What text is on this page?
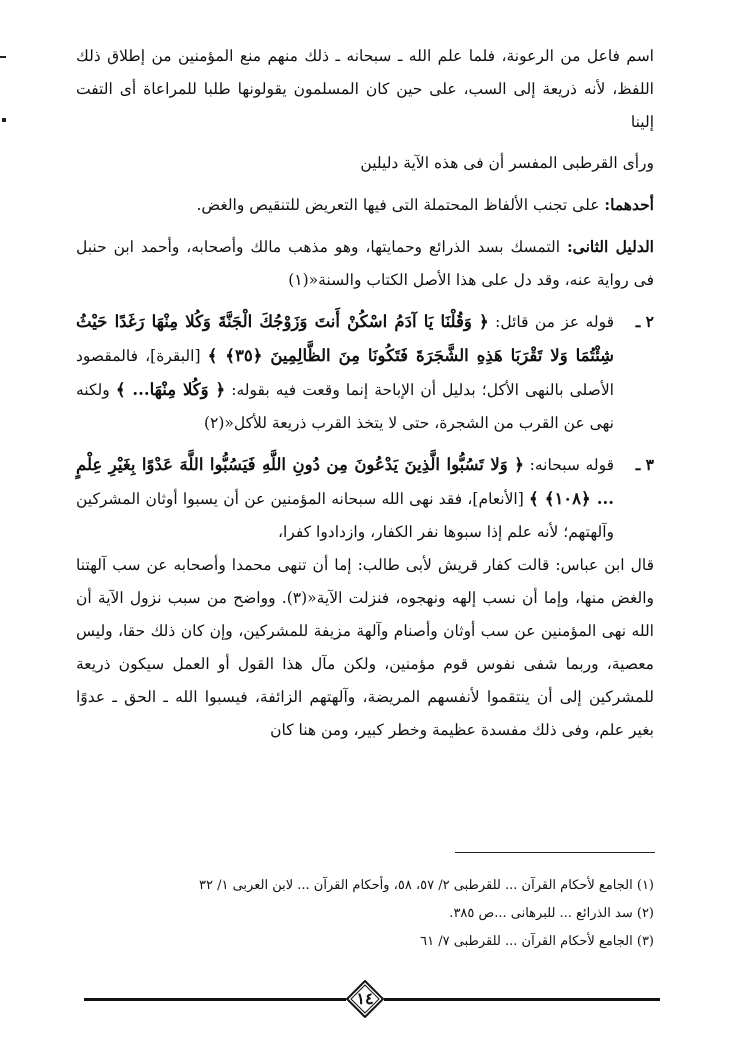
اسم فاعل من الرعونة، فلما علم الله ـ سبحانه ـ ذلك منهم منع المؤمنين من إطلاق ذلك اللفظ، لأنه ذريعة إلى السب، على حين كان المسلمون يقولونها طلبا للمراعاة أى التفت إلينا

ورأى القرطبى المفسر أن فى هذه الآية دليلين

أحدهما: على تجنب الألفاظ المحتملة التى فيها التعريض للتنقيص والغض.

الدليل الثانى: التمسك بسد الذرائع وحمايتها، وهو مذهب مالك وأصحابه، وأحمد ابن حنبل فى رواية عنه، وقد دل على هذا الأصل الكتاب والسنة«(١)

٢ ـ
قوله عز من قائل: ﴿ وَقُلْنَا يَا آدَمُ اسْكُنْ أَنتَ وَزَوْجُكَ الْجَنَّةَ وَكُلا مِنْهَا رَغَدًا حَيْثُ شِئْتُمَا وَلا تَقْرَبَا هَذِهِ الشَّجَرَةَ فَتَكُونَا مِنَ الظَّالِمِينَ ﴿٣٥﴾ ﴾ [البقرة]، فالمقصود الأصلى بالنهى الأكل؛ بدليل أن الإباحة إنما وقعت فيه بقوله: ﴿ وَكُلا مِنْهَا... ﴾ ولكنه نهى عن القرب من الشجرة، حتى لا يتخذ القرب ذريعة للأكل«(٢)
٣ ـ
قوله سبحانه: ﴿ وَلا تَسُبُّوا الَّذِينَ يَدْعُونَ مِن دُونِ اللَّهِ فَيَسُبُّوا اللَّهَ عَدْوًا بِغَيْرِ عِلْمٍ ... ﴿١٠٨﴾ ﴾ [الأنعام]، فقد نهى الله سبحانه المؤمنين عن أن يسبوا أوثان المشركين وآلهتهم؛ لأنه علم إذا سبوها نفر الكفار، وازدادوا كفرا،

قال ابن عباس: قالت كفار قريش لأبى طالب: إما أن تنهى محمدا وأصحابه عن سب آلهتنا والغض منها، وإما أن نسب إلهه ونهجوه، فنزلت الآية«(٣). وواضح من سبب نزول الآية أن الله نهى المؤمنين عن سب أوثان وأصنام وآلهة مزيفة للمشركين، وإن كان ذلك حقا، وليس معصية، وربما شفى نفوس قوم مؤمنين، ولكن مآل هذا القول أو العمل سيكون ذريعة للمشركين إلى أن ينتقموا لأنفسهم المريضة، وآلهتهم الزائفة، فيسبوا الله ـ الحق ـ عدوًا بغير علم، وفى ذلك مفسدة عظيمة وخطر كبير، ومن هنا كان

(١) الجامع لأحكام القرآن ... للقرطبى ٢/ ٥٧، ٥٨، وأحكام القرآن ... لابن العربى ١/ ٣٢

(٢) سد الذرائع ... للبرهانى ...ص ٣٨٥.

(٣) الجامع لأحكام القرآن ... للقرطبى ٧/ ٦١

١٤
